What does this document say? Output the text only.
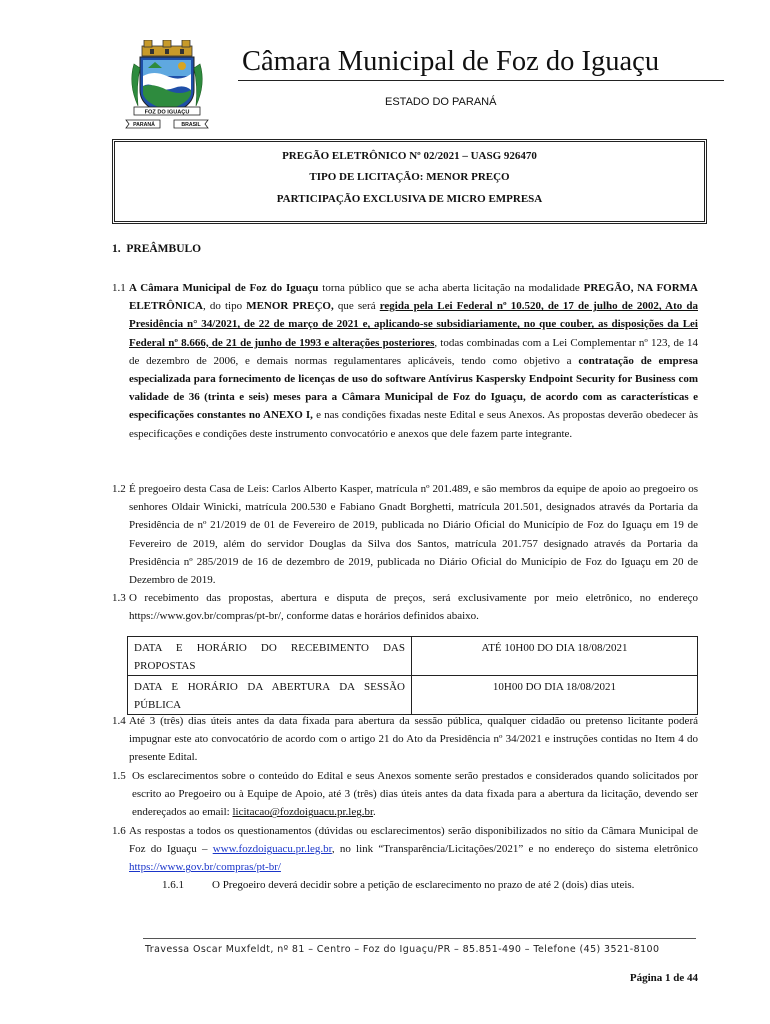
FOZ DO IGUAÇU
PARANÁ	BRASIL
Câmara Municipal de Foz do Iguaçu
ESTADO DO PARANÁ
PREGÃO ELETRÔNICO Nº 02/2021 – UASG 926470
TIPO DE LICITAÇÃO: MENOR PREÇO
PARTICIPAÇÃO EXCLUSIVA DE MICRO EMPRESA
1. PREÂMBULO
1.1 A Câmara Municipal de Foz do Iguaçu torna público que se acha aberta licitação na modalidade PREGÃO, NA FORMA ELETRÔNICA, do tipo MENOR PREÇO, que será regida pela Lei Federal nº 10.520, de 17 de julho de 2002, Ato da Presidência n° 34/2021, de 22 de março de 2021 e, aplicando-se subsidiariamente, no que couber, as disposições da Lei Federal nº 8.666, de 21 de junho de 1993 e alterações posteriores, todas combinadas com a Lei Complementar nº 123, de 14 de dezembro de 2006, e demais normas regulamentares aplicáveis, tendo como objetivo a contratação de empresa especializada para fornecimento de licenças de uso do software Antívirus Kaspersky Endpoint Security for Business com validade de 36 (trinta e seis) meses para a Câmara Municipal de Foz do Iguaçu, de acordo com as características e especificações constantes no ANEXO I, e nas condições fixadas neste Edital e seus Anexos. As propostas deverão obedecer às especificações e condições deste instrumento convocatório e anexos que dele fazem parte integrante.
1.2 É pregoeiro desta Casa de Leis: Carlos Alberto Kasper, matrícula nº 201.489, e são membros da equipe de apoio ao pregoeiro os senhores Oldair Winicki, matrícula 200.530 e Fabiano Gnadt Borghetti, matrícula 201.501, designados através da Portaria da Presidência de nº 21/2019 de 01 de Fevereiro de 2019, publicada no Diário Oficial do Município de Foz do Iguaçu em 19 de Fevereiro de 2019, além do servidor Douglas da Silva dos Santos, matrícula 201.757 designado através da Portaria da Presidência nº 285/2019 de 16 de dezembro de 2019, publicada no Diário Oficial do Município de Foz do Iguaçu em 20 de Dezembro de 2019.
1.3 O recebimento das propostas, abertura e disputa de preços, será exclusivamente por meio eletrônico, no endereço https://www.gov.br/compras/pt-br/, conforme datas e horários definidos abaixo.
DATA E HORÁRIO DO RECEBIMENTO DAS PROPOSTAS	ATÉ 10H00 DO DIA 18/08/2021
DATA E HORÁRIO DA ABERTURA DA SESSÃO PÚBLICA	10H00 DO DIA 18/08/2021
1.4 Até 3 (três) dias úteis antes da data fixada para abertura da sessão pública, qualquer cidadão ou pretenso licitante poderá impugnar este ato convocatório de acordo com o artigo 21 do Ato da Presidência nº 34/2021 e instruções contidas no Item 4 do presente Edital.
1.5 Os esclarecimentos sobre o conteúdo do Edital e seus Anexos somente serão prestados e considerados quando solicitados por escrito ao Pregoeiro ou à Equipe de Apoio, até 3 (três) dias úteis antes da data fixada para a abertura da licitação, devendo ser endereçados ao email: licitacao@fozdoiguacu.pr.leg.br.
1.6 As respostas a todos os questionamentos (dúvidas ou esclarecimentos) serão disponibilizados no sítio da Câmara Municipal de Foz do Iguaçu – www.fozdoiguacu.pr.leg.br, no link “Transparência/Licitações/2021” e no endereço do sistema eletrônico https://www.gov.br/compras/pt-br/
1.6.1	O Pregoeiro deverá decidir sobre a petição de esclarecimento no prazo de até 2 (dois) dias uteis.
Travessa Oscar Muxfeldt, nº 81 – Centro – Foz do Iguaçu/PR – 85.851-490 – Telefone (45) 3521-8100
Página 1 de 44
